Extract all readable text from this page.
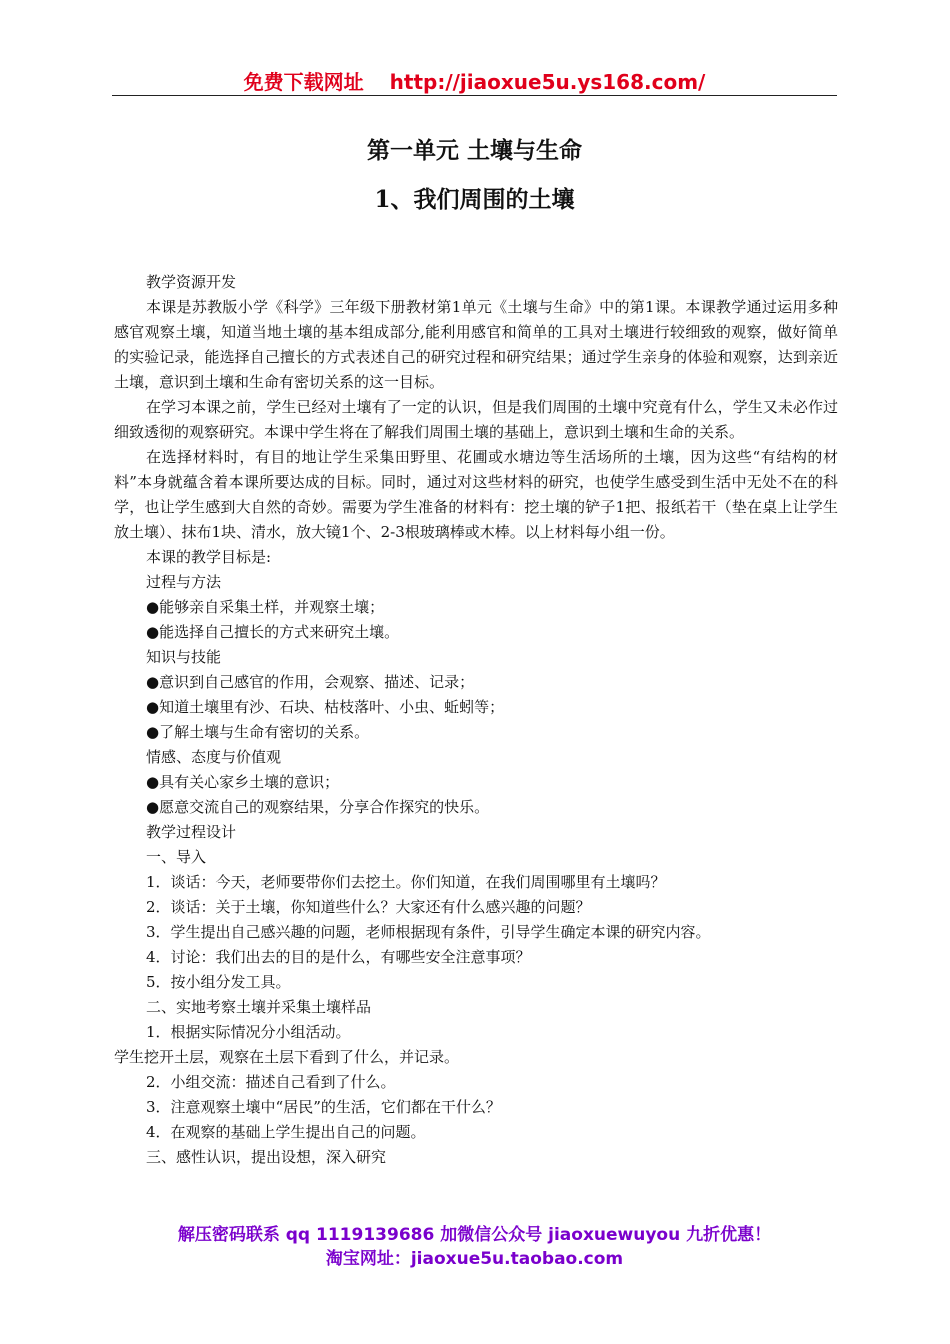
免费下载网址 http://jiaoxue5u.ys168.com/
第一单元 土壤与生命
1、我们周围的土壤
教学资源开发

本课是苏教版小学《科学》三年级下册教材第1单元《土壤与生命》中的第1课。本课教学通过运用多种感官观察土壤，知道当地土壤的基本组成部分,能利用感官和简单的工具对土壤进行较细致的观察，做好简单的实验记录，能选择自己擅长的方式表述自己的研究过程和研究结果；通过学生亲身的体验和观察，达到亲近土壤，意识到土壤和生命有密切关系的这一目标。

在学习本课之前，学生已经对土壤有了一定的认识，但是我们周围的土壤中究竟有什么，学生又未必作过细致透彻的观察研究。本课中学生将在了解我们周围土壤的基础上，意识到土壤和生命的关系。

在选择材料时，有目的地让学生采集田野里、花圃或水塘边等生活场所的土壤，因为这些“有结构的材料”本身就蕴含着本课所要达成的目标。同时，通过对这些材料的研究，也使学生感受到生活中无处不在的科学，也让学生感到大自然的奇妙。需要为学生准备的材料有：挖土壤的铲子1把、报纸若干（垫在桌上让学生放土壤）、抹布1块、清水，放大镜1个、2-3根玻璃棒或木棒。以上材料每小组一份。

本课的教学目标是:
过程与方法
●能够亲自采集土样，并观察土壤；
●能选择自己擅长的方式来研究土壤。
知识与技能
●意识到自己感官的作用，会观察、描述、记录；
●知道土壤里有沙、石块、枯枝落叶、小虫、蚯蚓等；
●了解土壤与生命有密切的关系。
情感、态度与价值观
●具有关心家乡土壤的意识；
●愿意交流自己的观察结果，分享合作探究的快乐。
教学过程设计
一、导入
1．谈话：今天，老师要带你们去挖土。你们知道，在我们周围哪里有土壤吗？
2．谈话：关于土壤，你知道些什么？大家还有什么感兴趣的问题？
3．学生提出自己感兴趣的问题，老师根据现有条件，引导学生确定本课的研究内容。
4．讨论：我们出去的目的是什么，有哪些安全注意事项？
5．按小组分发工具。
二、实地考察土壤并采集土壤样品
1．根据实际情况分小组活动。
学生挖开土层，观察在土层下看到了什么，并记录。
2．小组交流：描述自己看到了什么。
3．注意观察土壤中“居民”的生活，它们都在干什么？
4．在观察的基础上学生提出自己的问题。
三、感性认识，提出设想，深入研究
解压密码联系 qq 1119139686 加微信公众号 jiaoxuewuyou 九折优惠！
淘宝网址：jiaoxue5u.taobao.com
